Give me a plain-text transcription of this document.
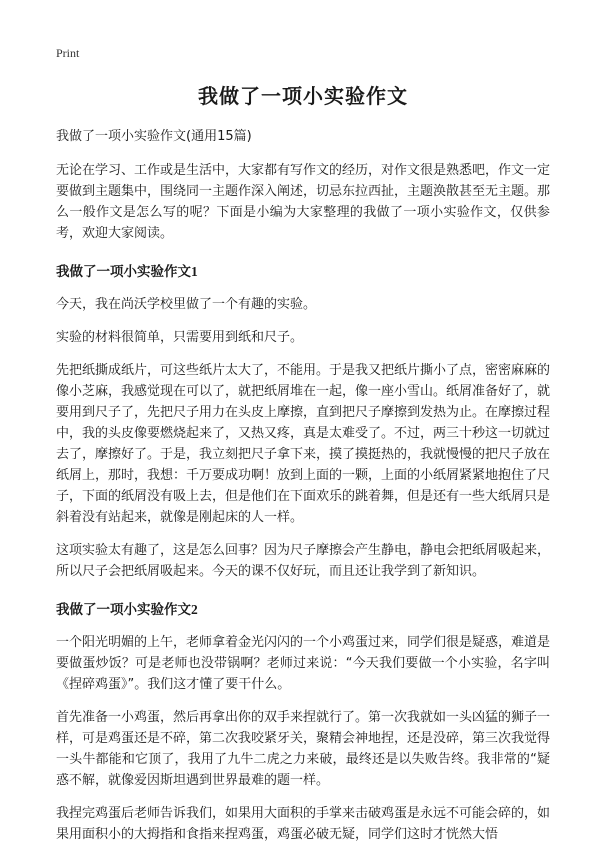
Print
我做了一项小实验作文
我做了一项小实验作文(通用15篇)

无论在学习、工作或是生活中，大家都有写作文的经历，对作文很是熟悉吧，作文一定要做到主题集中，围绕同一主题作深入阐述，切忌东拉西扯，主题涣散甚至无主题。那么一般作文是怎么写的呢？下面是小编为大家整理的我做了一项小实验作文，仅供参考，欢迎大家阅读。

我做了一项小实验作文1

今天，我在尚沃学校里做了一个有趣的实验。

实验的材料很简单，只需要用到纸和尺子。

先把纸撕成纸片，可这些纸片太大了，不能用。于是我又把纸片撕小了点，密密麻麻的像小芝麻，我感觉现在可以了，就把纸屑堆在一起，像一座小雪山。纸屑准备好了，就要用到尺子了，先把尺子用力在头皮上摩擦，直到把尺子摩擦到发热为止。在摩擦过程中，我的头皮像要燃烧起来了，又热又疼，真是太难受了。不过，两三十秒这一切就过去了，摩擦好了。于是，我立刻把尺子拿下来，摸了摸挺热的，我就慢慢的把尺子放在纸屑上，那时，我想：千万要成功啊！放到上面的一颗，上面的小纸屑紧紧地抱住了尺子，下面的纸屑没有吸上去，但是他们在下面欢乐的跳着舞，但是还有一些大纸屑只是斜着没有站起来，就像是刚起床的人一样。

这项实验太有趣了，这是怎么回事？因为尺子摩擦会产生静电，静电会把纸屑吸起来，所以尺子会把纸屑吸起来。今天的课不仅好玩，而且还让我学到了新知识。

我做了一项小实验作文2

一个阳光明媚的上午，老师拿着金光闪闪的一个小鸡蛋过来，同学们很是疑惑，难道是要做蛋炒饭？可是老师也没带锅啊？老师过来说：“今天我们要做一个小实验，名字叫《捏碎鸡蛋》”。我们这才懂了要干什么。

首先准备一小鸡蛋，然后再拿出你的双手来捏就行了。第一次我就如一头凶猛的狮子一样，可是鸡蛋还是不碎，第二次我咬紧牙关，聚精会神地捏，还是没碎，第三次我觉得一头牛都能和它顶了，我用了九牛二虎之力来破，最终还是以失败告终。我非常的“疑惑不解，就像爱因斯坦遇到世界最难的题一样。

我捏完鸡蛋后老师告诉我们，如果用大面积的手掌来击破鸡蛋是永远不可能会碎的，如果用面积小的大拇指和食指来捏鸡蛋，鸡蛋必破无疑，同学们这时才恍然大悟
